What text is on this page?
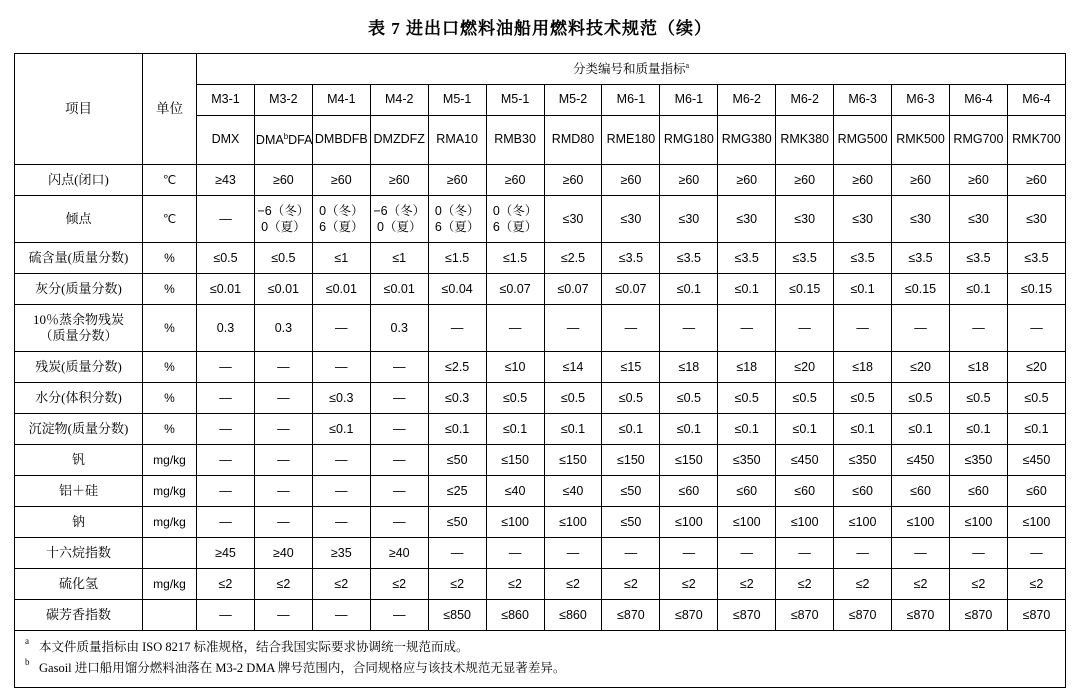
表 7 进出口燃料油船用燃料技术规范（续）
项目	单位	分类编号和质量指标$^a$
		M3-1	M3-2	M4-1	M4-2	M5-1	M5-1	M5-2	M6-1	M6-1	M6-2	M6-2	M6-3	M6-3	M6-4	M6-4
		DMX	DMA$^b$DFA	DMBDFB	DMZDFZ	RMA10	RMB30	RMD80	RME180	RMG180	RMG380	RMK380	RMG500	RMK500	RMG700	RMK700

闪点(闭口)	℃	≥43	≥60	≥60	≥60	≥60	≥60	≥60	≥60	≥60	≥60	≥60	≥60	≥60	≥60	≥60

倾点	℃	—	−6（冬）
0（夏）	0（冬）
6（夏）	−6（冬）
0（夏）	0（冬）
6（夏）	0（冬）
6（夏）	≤30	≤30	≤30	≤30	≤30	≤30	≤30	≤30	≤30

硫含量(质量分数)	%	≤0.5	≤0.5	≤1	≤1	≤1.5	≤1.5	≤2.5	≤3.5	≤3.5	≤3.5	≤3.5	≤3.5	≤3.5	≤3.5	≤3.5

灰分(质量分数)	%	≤0.01	≤0.01	≤0.01	≤0.01	≤0.04	≤0.07	≤0.07	≤0.07	≤0.1	≤0.1	≤0.15	≤0.1	≤0.15	≤0.1	≤0.15

10％蒸余物残炭
（质量分数）	%	0.3	0.3	—	0.3	—	—	—	—	—	—	—	—	—	—	—

残炭(质量分数)	%	—	—	—	—	≤2.5	≤10	≤14	≤15	≤18	≤18	≤20	≤18	≤20	≤18	≤20

水分(体积分数)	%	—	—	≤0.3	—	≤0.3	≤0.5	≤0.5	≤0.5	≤0.5	≤0.5	≤0.5	≤0.5	≤0.5	≤0.5	≤0.5

沉淀物(质量分数)	%	—	—	≤0.1	—	≤0.1	≤0.1	≤0.1	≤0.1	≤0.1	≤0.1	≤0.1	≤0.1	≤0.1	≤0.1	≤0.1

钒	mg/kg	—	—	—	—	≤50	≤150	≤150	≤150	≤150	≤350	≤450	≤350	≤450	≤350	≤450

铝＋硅	mg/kg	—	—	—	—	≤25	≤40	≤40	≤50	≤60	≤60	≤60	≤60	≤60	≤60	≤60

钠	mg/kg	—	—	—	—	≤50	≤100	≤100	≤50	≤100	≤100	≤100	≤100	≤100	≤100	≤100

十六烷指数		≥45	≥40	≥35	≥40	—	—	—	—	—	—	—	—	—	—	—

硫化氢	mg/kg	≤2	≤2	≤2	≤2	≤2	≤2	≤2	≤2	≤2	≤2	≤2	≤2	≤2	≤2	≤2

碳芳香指数		—	—	—	—	≤850	≤860	≤860	≤870	≤870	≤870	≤870	≤870	≤870	≤870	≤870
a 本文件质量指标由 ISO 8217 标准规格，结合我国实际要求协调统一规范而成。
b Gasoil 进口船用馏分燃料油落在 M3-2 DMA 牌号范围内，合同规格应与该技术规范无显著差异。
